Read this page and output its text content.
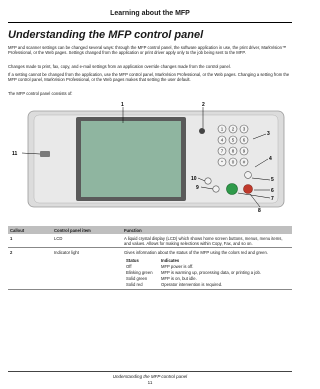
Learning about the MFP
Understanding the MFP control panel
MFP and scanner settings can be changed several ways: through the MFP control panel, the software application in use, the print driver, MarkVision™ Professional, or the Web pages. Settings changed from the application or print driver apply only to the job being sent to the MFP.
Changes made to print, fax, copy, and e-mail settings from an application override changes made from the control panel.
If a setting cannot be changed from the application, use the MFP control panel, MarkVision Professional, or the Web pages. Changing a setting from the MFP control panel, MarkVision Professional, or the Web pages makes that setting the user default.
The MFP control panel consists of:
1 2 3
4 5 6
7 8 9
* 0 #
1	2
3
4
5
6
7
8
9
10
11
Callout	Control panel item	Function
1	LCD	A liquid crystal display (LCD) which shows home screen buttons, menus, menu items, and values. Allows for making selections within Copy, Fax, and so on.
2	Indicator light	Gives information about the status of the MFP using the colors red and green.
Status	Indicates
Off	MFP power is off.
Blinking green	MFP is warming up, processing data, or printing a job.
Solid green	MFP is on, but idle.
Solid red	Operator intervention is required.
Understanding the MFP control panel
11
